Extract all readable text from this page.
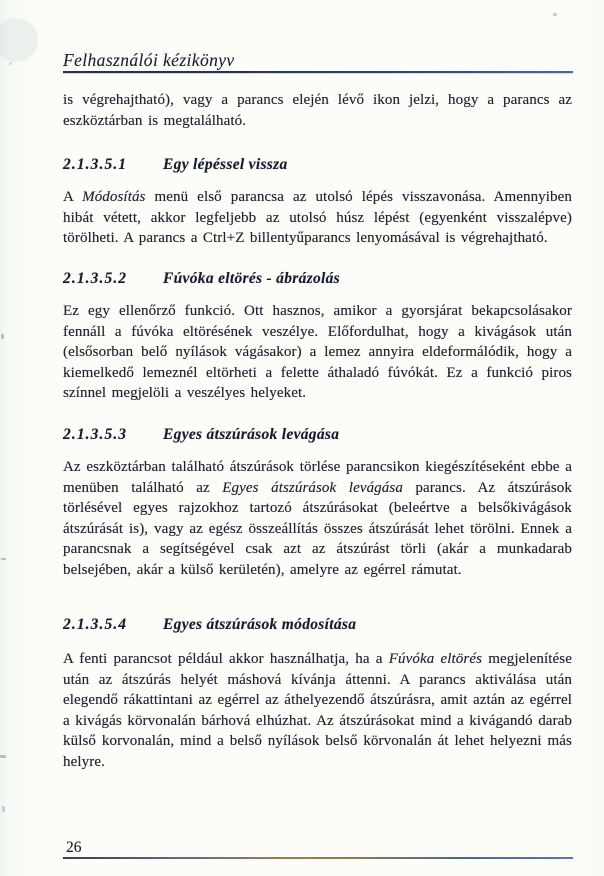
Felhasználói kézikönyv

is végrehajtható), vagy a parancs elején lévő ikon jelzi, hogy a parancs az eszköztárban is megtalálható.

2.1.3.5.1	Egy lépéssel vissza

A Módosítás menü első parancsa az utolsó lépés visszavonása. Amennyiben hibát vétett, akkor legfeljebb az utolsó húsz lépést (egyenként visszalépve) törölheti. A parancs a Ctrl+Z billentyűparancs lenyomásával is végrehajtható.

2.1.3.5.2	Fúvóka eltörés - ábrázolás

Ez egy ellenőrző funkció. Ott hasznos, amikor a gyorsjárat bekapcsolásakor fennáll a fúvóka eltörésének veszélye. Előfordulhat, hogy a kivágások után (elsősorban belő nyílások vágásakor) a lemez annyira eldeformálódik, hogy a kiemelkedő lemeznél eltörheti a felette áthaladó fúvókát. Ez a funkció piros színnel megjelöli a veszélyes helyeket.

2.1.3.5.3	Egyes átszúrások levágása

Az eszköztárban található átszúrások törlése parancsikon kiegészítéseként ebbe a menüben található az Egyes átszúrások levágása parancs. Az átszúrások törlésével egyes rajzokhoz tartozó átszúrásokat (beleértve a belsőkivágások átszúrását is), vagy az egész összeállítás összes átszúrását lehet törölni. Ennek a parancsnak a segítségével csak azt az átszúrást törli (akár a munkadarab belsejében, akár a külső kerületén), amelyre az egérrel rámutat.

2.1.3.5.4	Egyes átszúrások módosítása

A fenti parancsot például akkor használhatja, ha a Fúvóka eltörés megjelenítése után az átszúrás helyét máshová kívánja áttenni. A parancs aktiválása után elegendő rákattintani az egérrel az áthelyezendő átszúrásra, amit aztán az egérrel a kivágás körvonalán bárhová elhúzhat. Az átszúrásokat mind a kivágandó darab külső korvonalán, mind a belső nyílások belső körvonalán át lehet helyezni más helyre.

26
